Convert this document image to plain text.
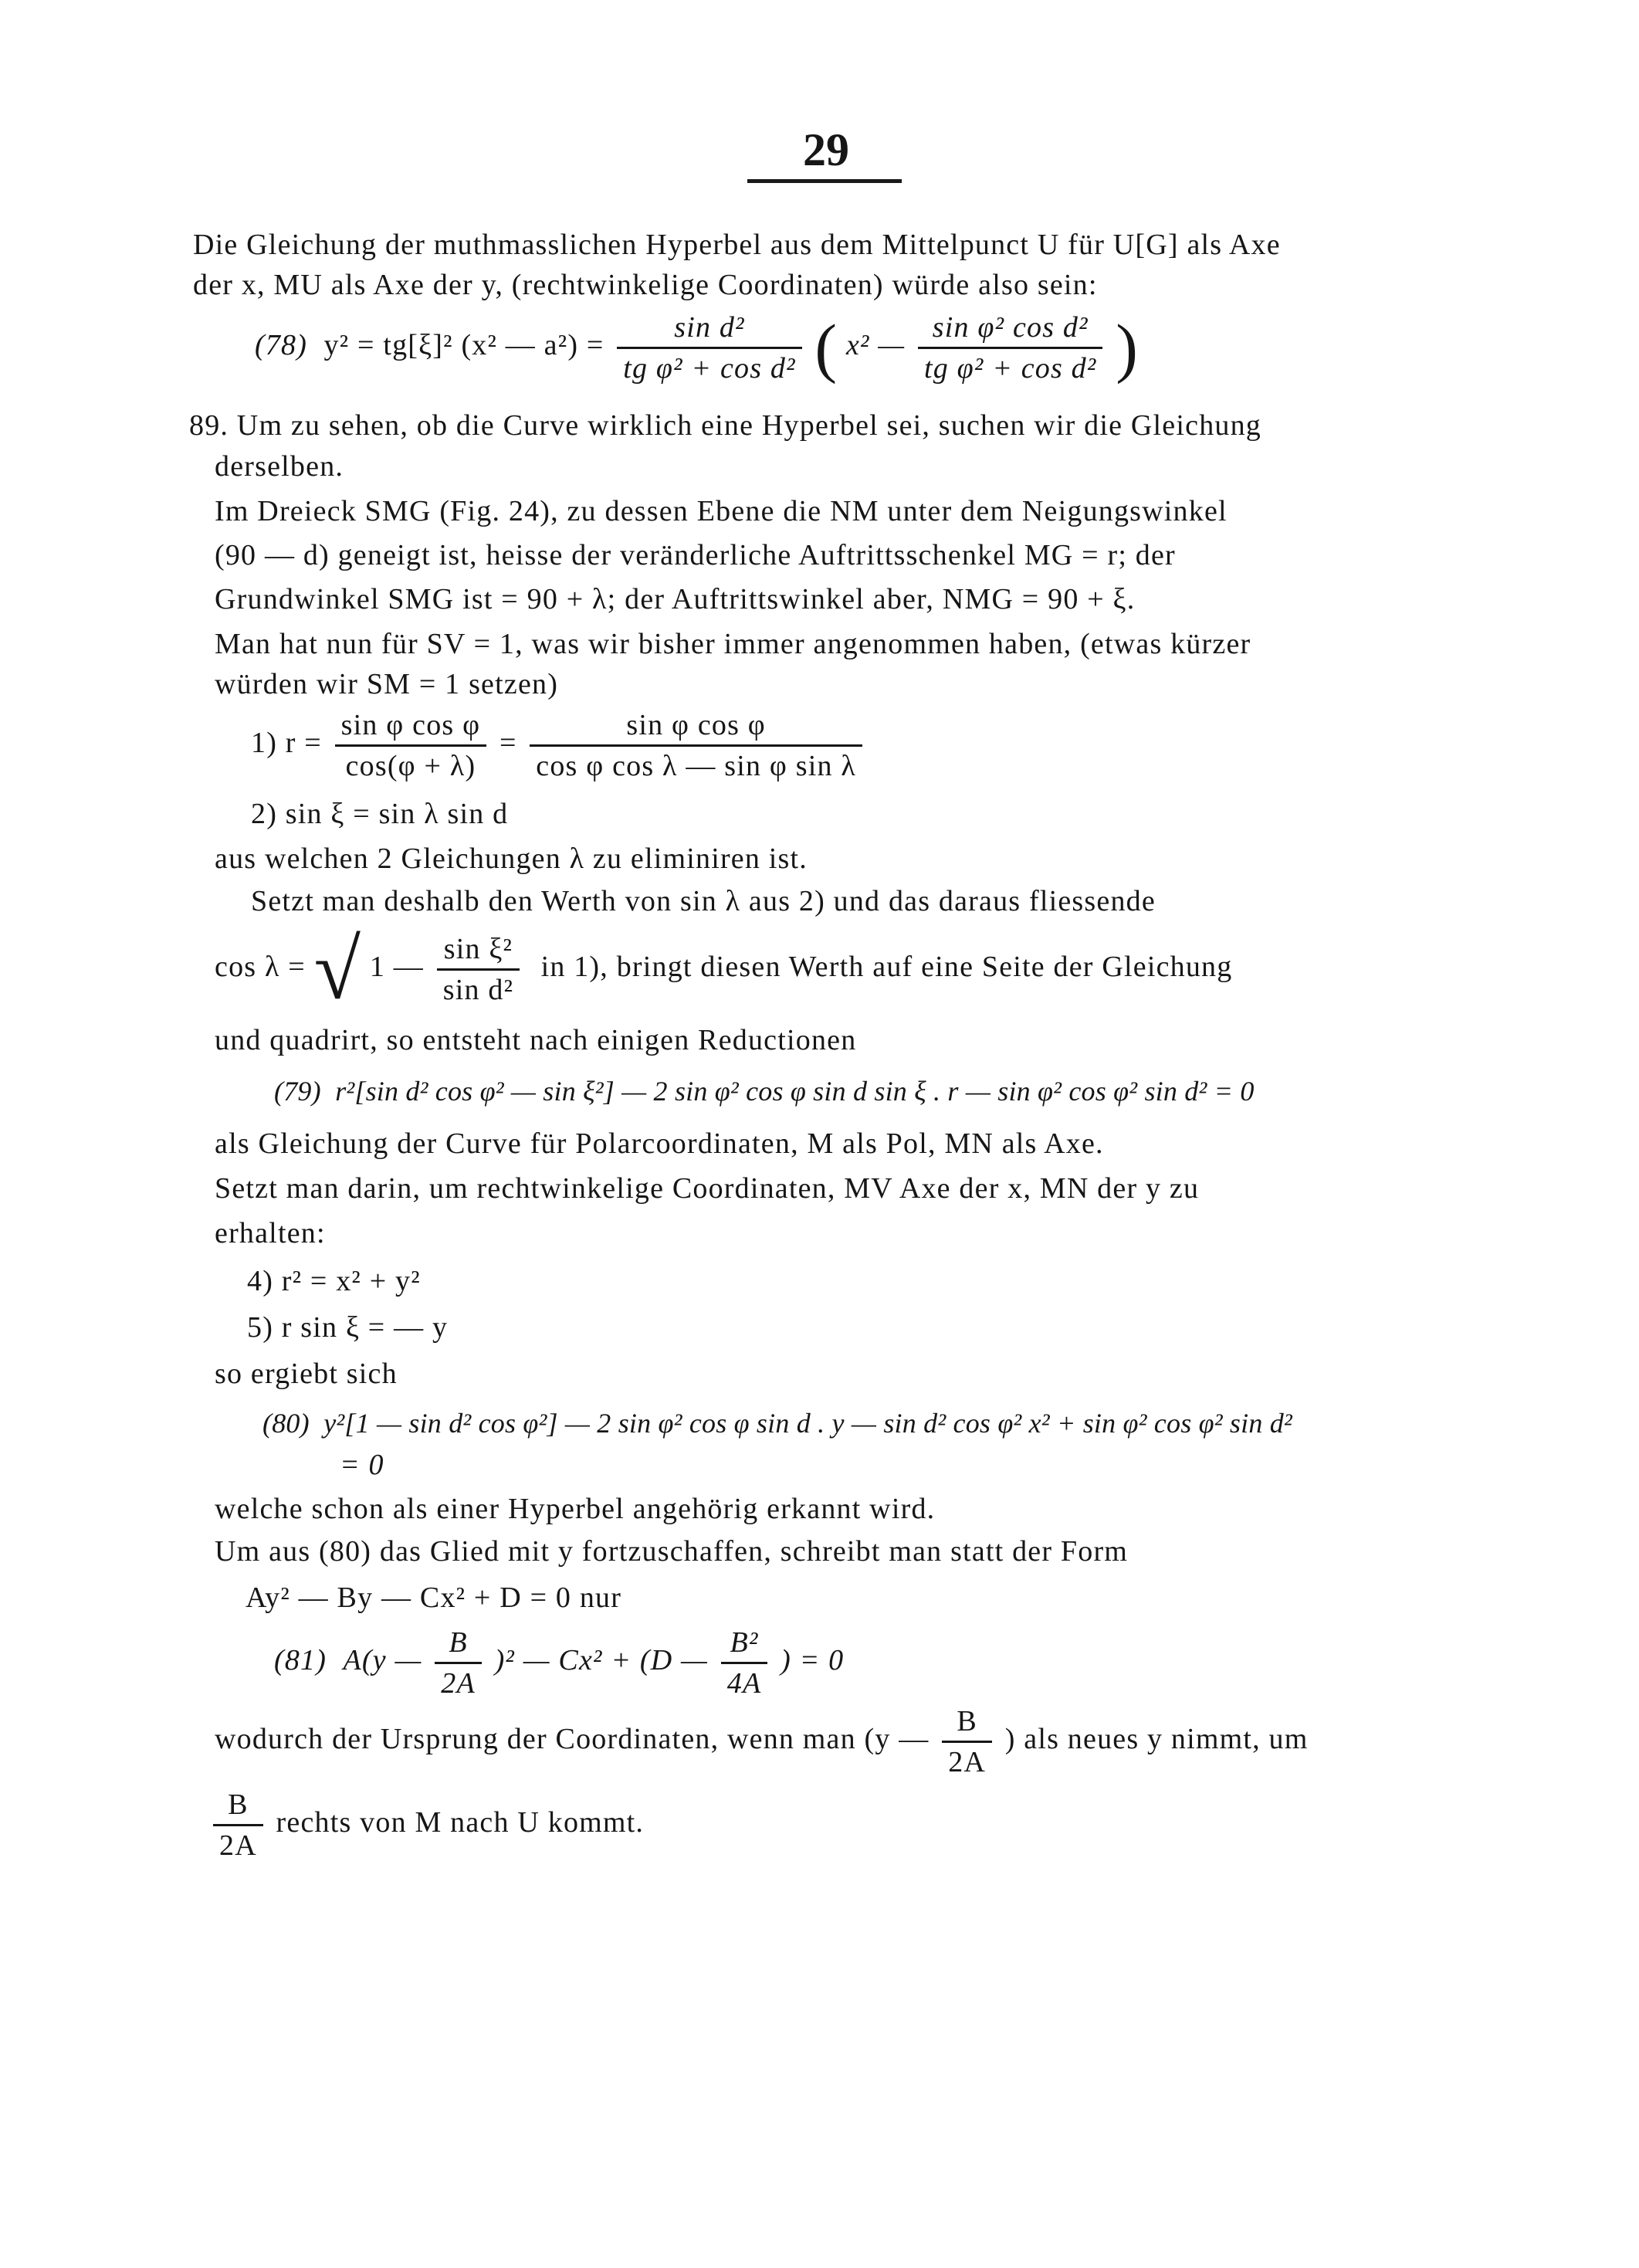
29
Die Gleichung der muthmasslichen Hyperbel aus dem Mittelpunct U für U[G] als Axe
der x, MU als Axe der y, (rechtwinkelige Coordinaten) würde also sein:
(78) y² = tg[ξ]² (x² — $a^2) = \frac{\text{sin d²}}{\text{tg φ² + cos d²}}$ ( x² — $\frac{\text{sin φ² cos d²}}{\text{tg φ² + cos d²}}$ )
89. Um zu sehen, ob die Curve wirklich eine Hyperbel sei, suchen wir die Gleichung
derselben.
Im Dreieck SMG (Fig. 24), zu dessen Ebene die NM unter dem Neigungswinkel
(90 — d) geneigt ist, heisse der veränderliche Auftrittsschenkel MG = r; der
Grundwinkel SMG ist = 90 + λ; der Auftrittswinkel aber, NMG = 90 + ξ.
Man hat nun für SV = 1, was wir bisher immer angenommen haben, (etwas kürzer
würden wir SM = 1 setzen)
1) $r = \frac{\text{sin φ cos φ}}{\cos(\varphi + \lambda)} = \frac{\text{sin φ cos φ}}{\text{cos φ cos λ — sin φ sin λ}}$
2) sin ξ = sin λ sin d
aus welchen 2 Gleichungen λ zu eliminiren ist.
Setzt man deshalb den Werth von sin λ aus 2) und das daraus fliessende
cos λ = √ 1 — $\frac{\text{sin ξ²}}{\text{sin d²}}$ in 1), bringt diesen Werth auf eine Seite der Gleichung
und quadrirt, so entsteht nach einigen Reductionen
(79) r²[sin d² cos φ² — sin ξ²] — 2 sin φ² cos φ sin d sin ξ . r — sin φ² cos φ² sin d² = 0
als Gleichung der Curve für Polarcoordinaten, M als Pol, MN als Axe.
Setzt man darin, um rechtwinkelige Coordinaten, MV Axe der x, MN der y zu
erhalten:
4) r² = x² + y²
5) r sin ξ = — y
so ergiebt sich
(80) y²[1 — sin d² cos φ²] — 2 sin φ² cos φ sin d . y — sin d² cos φ² x² + sin φ² cos φ² sin d²
= 0
welche schon als einer Hyperbel angehörig erkannt wird.
Um aus (80) das Glied mit y fortzuschaffen, schreibt man statt der Form
Ay² — By — Cx² + D = 0 nur
(81) A(y — $\frac{B}{2A} )^2$ — Cx² + (D — $\frac{\text{B²}}{4A}$ ) = 0
wodurch der Ursprung der Coordinaten, wenn man (y — $\frac{B}{2A}$ ) als neues y nimmt, um
$\frac{B}{2A}$ rechts von M nach U kommt.
